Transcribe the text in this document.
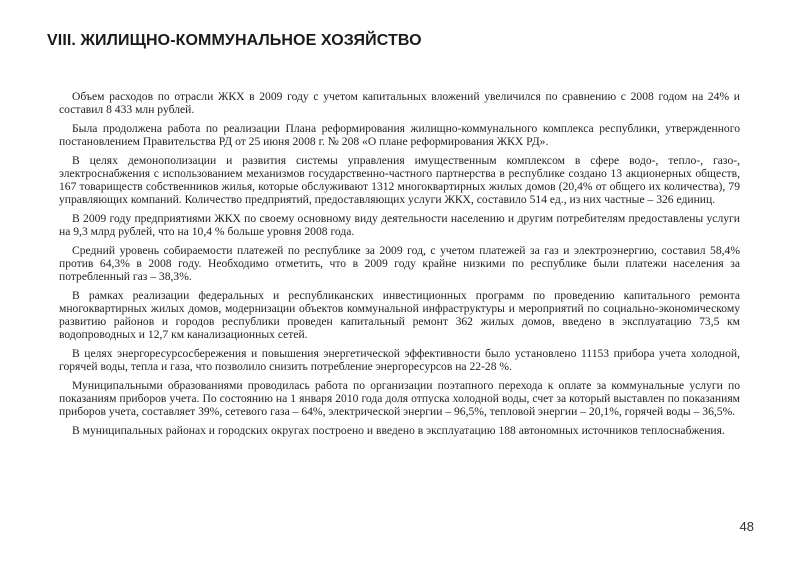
VIII. ЖИЛИЩНО-КОММУНАЛЬНОЕ ХОЗЯЙСТВО

Объем расходов по отрасли ЖКХ в 2009 году с учетом капитальных вложений увеличился по сравнению с 2008 годом на 24% и составил 8 433 млн рублей.

Была продолжена работа по реализации Плана реформирования жилищно-коммунального комплекса республики, утвержденного постановлением Правительства РД от 25 июня 2008 г. № 208 «О плане реформирования ЖКХ РД».

В целях демонополизации и развития системы управления имущественным комплексом в сфере водо-, тепло-, газо-, электроснабжения с использованием механизмов государственно-частного партнерства в республике создано 13 акционерных обществ, 167 товариществ собственников жилья, которые обслуживают 1312 многоквартирных жилых домов (20,4% от общего их количества), 79 управляющих компаний. Количество предприятий, предоставляющих услуги ЖКХ, составило 514 ед., из них частные – 326 единиц.

В 2009 году предприятиями ЖКХ по своему основному виду деятельности населению и другим потребителям предоставлены услуги на 9,3 млрд рублей, что на 10,4 % больше уровня 2008 года.

Средний уровень собираемости платежей по республике за 2009 год, с учетом платежей за газ и электроэнергию, составил 58,4% против 64,3% в 2008 году. Необходимо отметить, что в 2009 году крайне низкими по республике были платежи населения за потребленный газ – 38,3%.

В рамках реализации федеральных и республиканских инвестиционных программ по проведению капитального ремонта многоквартирных жилых домов, модернизации объектов коммунальной инфраструктуры и мероприятий по социально-экономическому развитию районов и городов республики проведен капитальный ремонт 362 жилых домов, введено в эксплуатацию 73,5 км водопроводных и 12,7 км канализационных сетей.

В целях энергоресурсосбережения и повышения энергетической эффективности было установлено 11153 прибора учета холодной, горячей воды, тепла и газа, что позволило снизить потребление энергоресурсов на 22-28 %.

Муниципальными образованиями проводилась работа по организации поэтапного перехода к оплате за коммунальные услуги по показаниям приборов учета. По состоянию на 1 января 2010 года доля отпуска холодной воды, счет за который выставлен по показаниям приборов учета, составляет 39%, сетевого газа – 64%, электрической энергии – 96,5%, тепловой энергии – 20,1%, горячей воды – 36,5%.

В муниципальных районах и городских округах построено и введено в эксплуатацию 188 автономных источников теплоснабжения.

48
